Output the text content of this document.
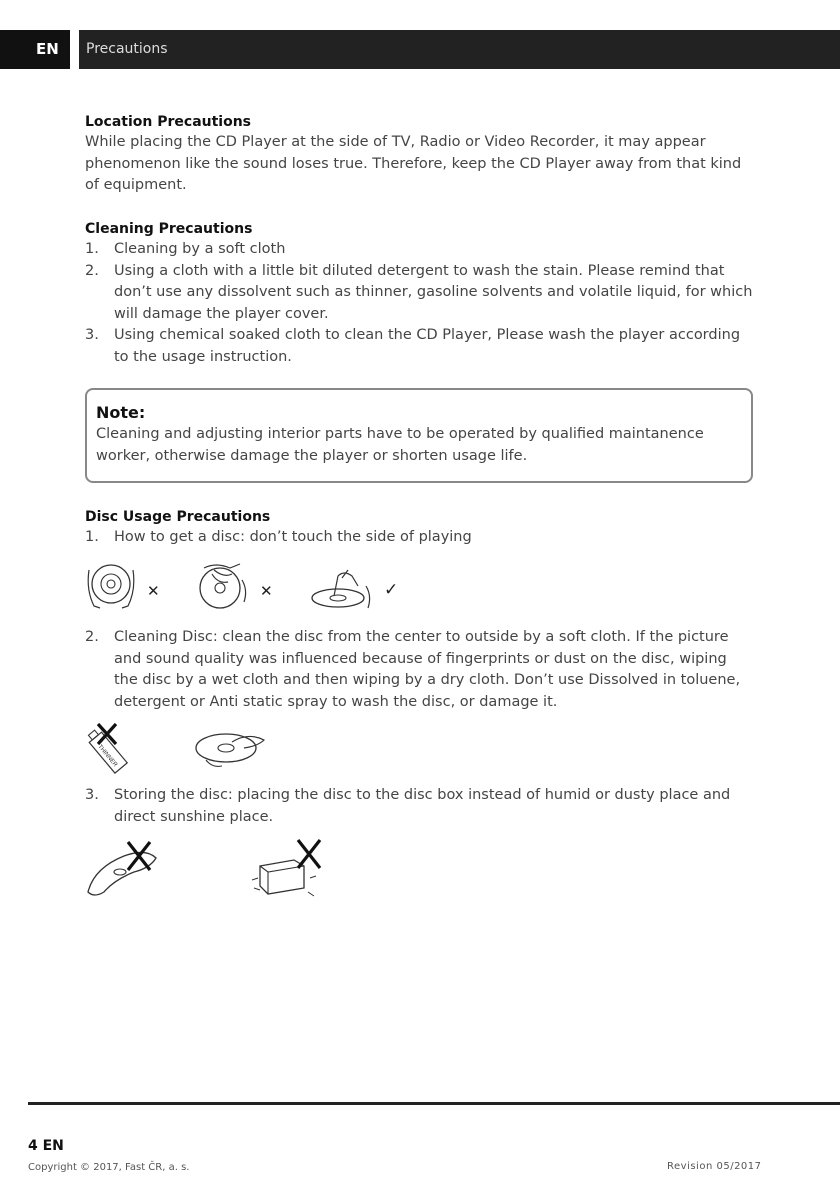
EN	Precautions

Location Precautions

While placing the CD Player at the side of TV, Radio or Video Recorder, it may appear phenomenon like the sound loses true. Therefore, keep the CD Player away from that kind of equipment.

Cleaning Precautions

1. Cleaning by a soft cloth
2. Using a cloth with a little bit diluted detergent to wash the stain. Please remind that don’t use any dissolvent such as thinner, gasoline solvents and volatile liquid, for which will damage the player cover.
3. Using chemical soaked cloth to clean the CD Player, Please wash the player according to the usage instruction.

Note:

Cleaning and adjusting interior parts have to be operated by qualified maintanence worker, otherwise damage the player or shorten usage life.

Disc Usage Precautions

1. How to get a disc: don’t touch the side of playing
✕	✕	✓
2. Cleaning Disc: clean the disc from the center to outside by a soft cloth. If the picture and sound quality was influenced because of fingerprints or dust on the disc, wiping the disc by a wet cloth and then wiping by a dry cloth. Don’t use Dissolved in toluene, detergent or Anti static spray to wash the disc, or damage it.
THINNER
3. Storing the disc: placing the disc to the disc box instead of humid or dusty place and direct sunshine place.
4 EN
Copyright © 2017, Fast ČR, a. s.	Revision 05/2017
